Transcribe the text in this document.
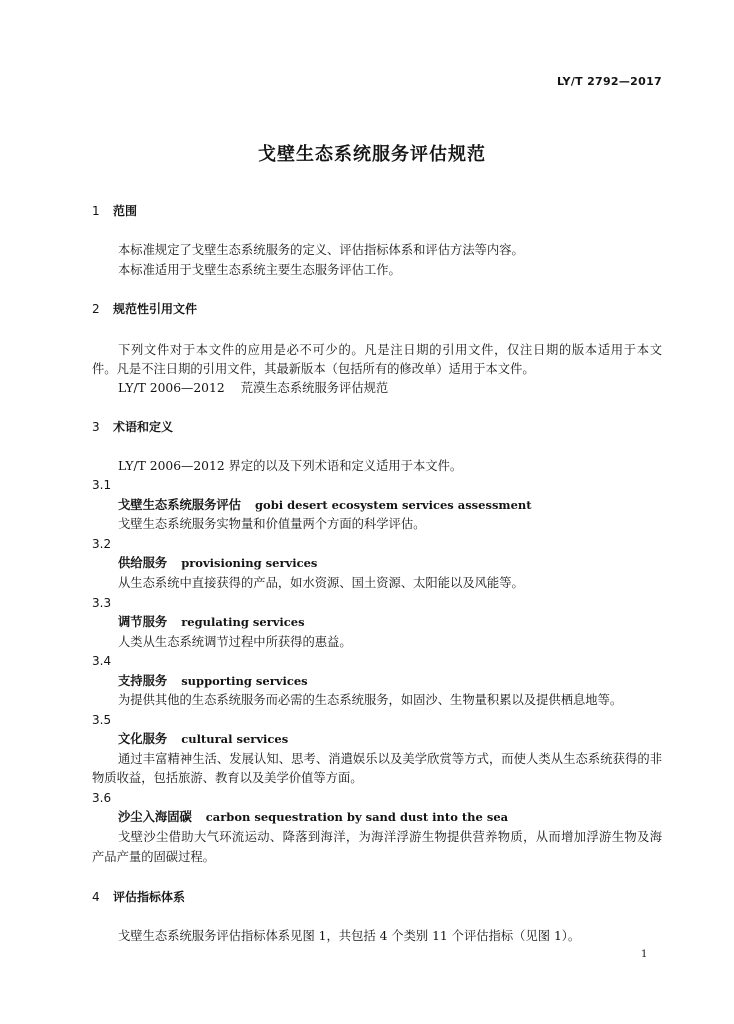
LY/T 2792—2017
戈壁生态系统服务评估规范
1 范围
本标准规定了戈壁生态系统服务的定义、评估指标体系和评估方法等内容。
本标准适用于戈壁生态系统主要生态服务评估工作。
2 规范性引用文件
下列文件对于本文件的应用是必不可少的。凡是注日期的引用文件，仅注日期的版本适用于本文
件。凡是不注日期的引用文件，其最新版本（包括所有的修改单）适用于本文件。
LY/T 2006—2012 荒漠生态系统服务评估规范
3 术语和定义
LY/T 2006—2012 界定的以及下列术语和定义适用于本文件。
3.1
戈壁生态系统服务评估 gobi desert ecosystem services assessment
戈壁生态系统服务实物量和价值量两个方面的科学评估。
3.2
供给服务 provisioning services
从生态系统中直接获得的产品，如水资源、国土资源、太阳能以及风能等。
3.3
调节服务 regulating services
人类从生态系统调节过程中所获得的惠益。
3.4
支持服务 supporting services
为提供其他的生态系统服务而必需的生态系统服务，如固沙、生物量积累以及提供栖息地等。
3.5
文化服务 cultural services
通过丰富精神生活、发展认知、思考、消遣娱乐以及美学欣赏等方式，而使人类从生态系统获得的非
物质收益，包括旅游、教育以及美学价值等方面。
3.6
沙尘入海固碳 carbon sequestration by sand dust into the sea
戈壁沙尘借助大气环流运动、降落到海洋，为海洋浮游生物提供营养物质，从而增加浮游生物及海
产品产量的固碳过程。
4 评估指标体系
戈壁生态系统服务评估指标体系见图 1，共包括 4 个类别 11 个评估指标（见图 1）。
1
